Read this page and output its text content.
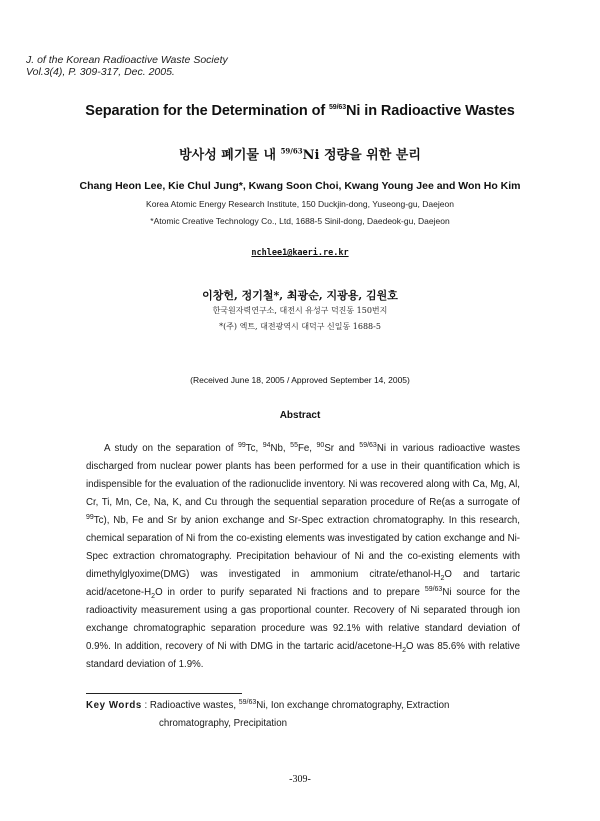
J. of the Korean Radioactive Waste Society
Vol.3(4), P. 309-317, Dec. 2005.
Separation for the Determination of $^{59/63}$Ni in Radioactive Wastes
방사성 폐기물 내 $^{59/63}$Ni 정량을 위한 분리
Chang Heon Lee, Kie Chul Jung*, Kwang Soon Choi, Kwang Young Jee and Won Ho Kim
Korea Atomic Energy Research Institute, 150 Duckjin-dong, Yuseong-gu, Daejeon
*Atomic Creative Technology Co., Ltd, 1688-5 Sinil-dong, Daedeok-gu, Daejeon
nchlee1@kaeri.re.kr
이창헌, 정기철*, 최광순, 지광용, 김원호
한국원자력연구소, 대전시 유성구 덕진동 150번지
*(주) 엑트, 대전광역시 대덕구 신일동 1688-5
(Received June 18, 2005 / Approved September 14, 2005)
Abstract

A study on the separation of $^{99}$Tc, $^{94}$Nb, $^{55}$Fe, $^{90}$Sr and $^{59/63}$Ni in various radioactive wastes discharged from nuclear power plants has been performed for a use in their quantification which is indispensible for the evaluation of the radionuclide inventory. Ni was recovered along with Ca, Mg, Al, Cr, Ti, Mn, Ce, Na, K, and Cu through the sequential separation procedure of Re(as a surrogate of $^{99}$Tc), Nb, Fe and Sr by anion exchange and Sr-Spec extraction chromatography. In this research, chemical separation of Ni from the co-existing elements was investigated by cation exchange and Ni-Spec extraction chromatography. Precipitation behaviour of Ni and the co-existing elements with dimethylglyoxime(DMG) was investigated in ammonium citrate/$ethanol-H_2O$ and tartaric acid/$acetone-H_2O$ in order to purify separated Ni fractions and to prepare $^{59/63}$Ni source for the radioactivity measurement using a gas proportional counter. Recovery of Ni separated through ion exchange chromatographic separation procedure was 92.1% with relative standard deviation of 0.9%. In addition, recovery of Ni with DMG in the tartaric acid/$acetone-H_2O$ was 85.6% with relative standard deviation of 1.9%.

Key Words : Radioactive wastes, $^{59/63}$Ni, Ion exchange chromatography, Extraction
chromatography, Precipitation
-309-
